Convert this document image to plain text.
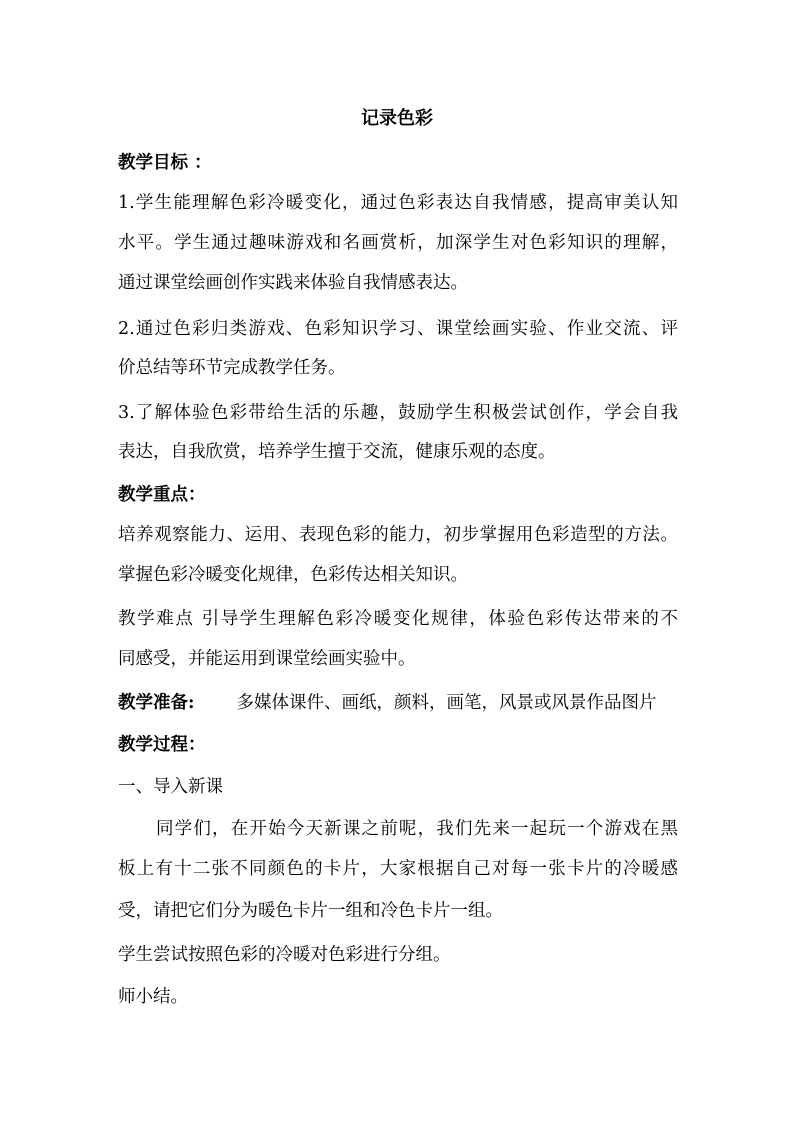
记录色彩
教学目标 ：
1.学生能理解色彩冷暖变化，通过色彩表达自我情感，提高审美认知
水平。学生通过趣味游戏和名画赏析，加深学生对色彩知识的理解，
通过课堂绘画创作实践来体验自我情感表达。
2.通过色彩归类游戏、色彩知识学习、课堂绘画实验、作业交流、评
价总结等环节完成教学任务。
3.了解体验色彩带给生活的乐趣，鼓励学生积极尝试创作，学会自我
表达，自我欣赏，培养学生擅于交流，健康乐观的态度。
教学重点：
培养观察能力、运用、表现色彩的能力，初步掌握用色彩造型的方法。
掌握色彩冷暖变化规律，色彩传达相关知识。
教学难点 引导学生理解色彩冷暖变化规律，体验色彩传达带来的不
同感受，并能运用到课堂绘画实验中。
教学准备: 多媒体课件、画纸，颜料，画笔，风景或风景作品图片
教学过程：
一、导入新课
同学们，在开始今天新课之前呢，我们先来一起玩一个游戏在黑
板上有十二张不同颜色的卡片，大家根据自己对每一张卡片的冷暖感
受，请把它们分为暖色卡片一组和冷色卡片一组。
学生尝试按照色彩的冷暖对色彩进行分组。
师小结。
